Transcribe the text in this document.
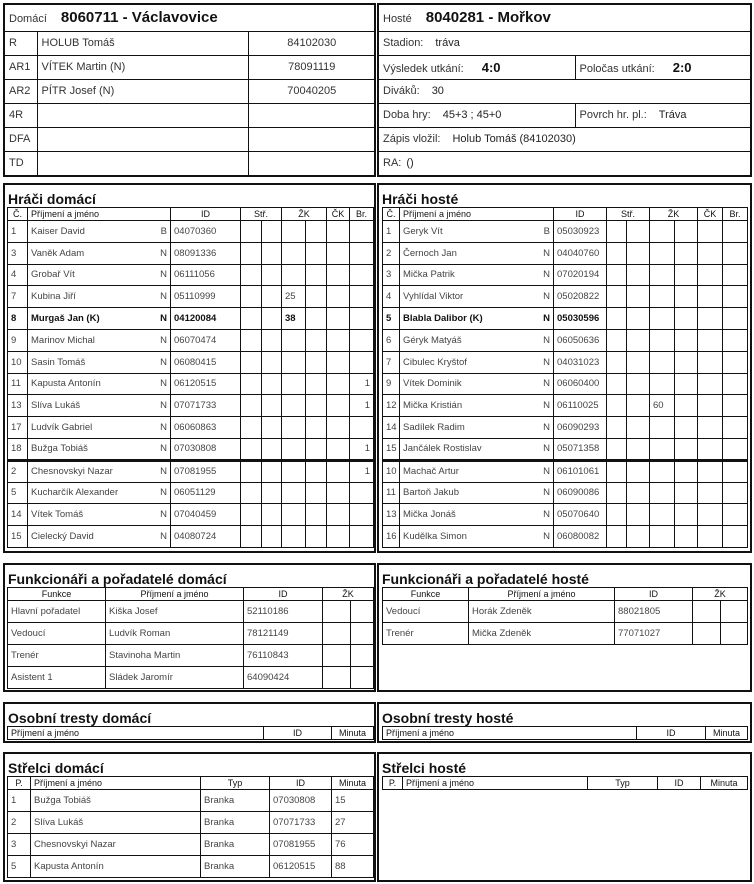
Domácí 8060711 - Václavovice		
R	HOLUB Tomáš	84102030
AR1	VÍTEK Martin (N)	78091119
AR2	PÍTR Josef (N)	70040205
4R		
DFA		
TD		
Hosté 8040281 - Mořkov	
Stadion: tráva	
Výsledek utkání: 4:0	Poločas utkání: 2:0
Diváků: 30	
Doba hry: 45+3 ; 45+0	Povrch hr. pl.: Tráva
Zápis vložil: Holub Tomáš (84102030)	
RA: ()	
Hráči domácí
Č.	Příjmení a jméno	ID	Stř.		ŽK		ČK	Br.
1	Kaiser David B	04070360						
3	Vaněk Adam N	08091336						
4	Grobař Vít N	06111056						
7	Kubina Jiří N	05110999			25			
8	Murgaš Jan (K) N	04120084			38			
9	Marinov Michal N	06070474						
10	Sasin Tomáš N	06080415						
11	Kapusta Antonín N	06120515						1
13	Slíva Lukáš N	07071733						1
17	Ludvík Gabriel N	06060863						
18	Bužga Tobiáš N	07030808						1
2	Chesnovskyi Nazar N	07081955						1
5	Kucharčík Alexander N	06051129						
14	Vítek Tomáš N	07040459						
15	Cielecký David N	04080724						
Hráči hosté
Č.	Příjmení a jméno	ID	Stř.		ŽK		ČK	Br.
1	Geryk Vít B	05030923						
2	Černoch Jan N	04040760						
3	Mička Patrik N	07020194						
4	Vyhlídal Viktor N	05020822						
5	Blabla Dalibor (K) N	05030596						
6	Géryk Matyáš N	06050636						
7	Cibulec Kryštof N	04031023						
9	Vítek Dominik N	06060400						
12	Mička Kristián N	06110025			60			
14	Sadílek Radim N	06090293						
15	Jančálek Rostislav N	05071358						
10	Machač Artur N	06101061						
11	Bartoň Jakub N	06090086						
13	Mička Jonáš N	05070640						
16	Kudělka Simon N	06080082						
Funkcionáři a pořadatelé domácí
Funkce	Příjmení a jméno	ID	ŽK	
Hlavní pořadatel	Kiška Josef	52110186		
Vedoucí	Ludvík Roman	78121149		
Trenér	Stavinoha Martin	76110843		
Asistent 1	Sládek Jaromír	64090424		
Funkcionáři a pořadatelé hosté
Funkce	Příjmení a jméno	ID	ŽK	
Vedoucí	Horák Zdeněk	88021805		
Trenér	Mička Zdeněk	77071027		
Osobní tresty domácí
Příjmení a jméno	ID	Minuta
Osobní tresty hosté
Příjmení a jméno	ID	Minuta
Střelci domácí
P.	Příjmení a jméno	Typ	ID	Minuta
1	Bužga Tobiáš	Branka	07030808	15
2	Slíva Lukáš	Branka	07071733	27
3	Chesnovskyi Nazar	Branka	07081955	76
5	Kapusta Antonín	Branka	06120515	88
Střelci hosté
P.	Příjmení a jméno	Typ	ID	Minuta
